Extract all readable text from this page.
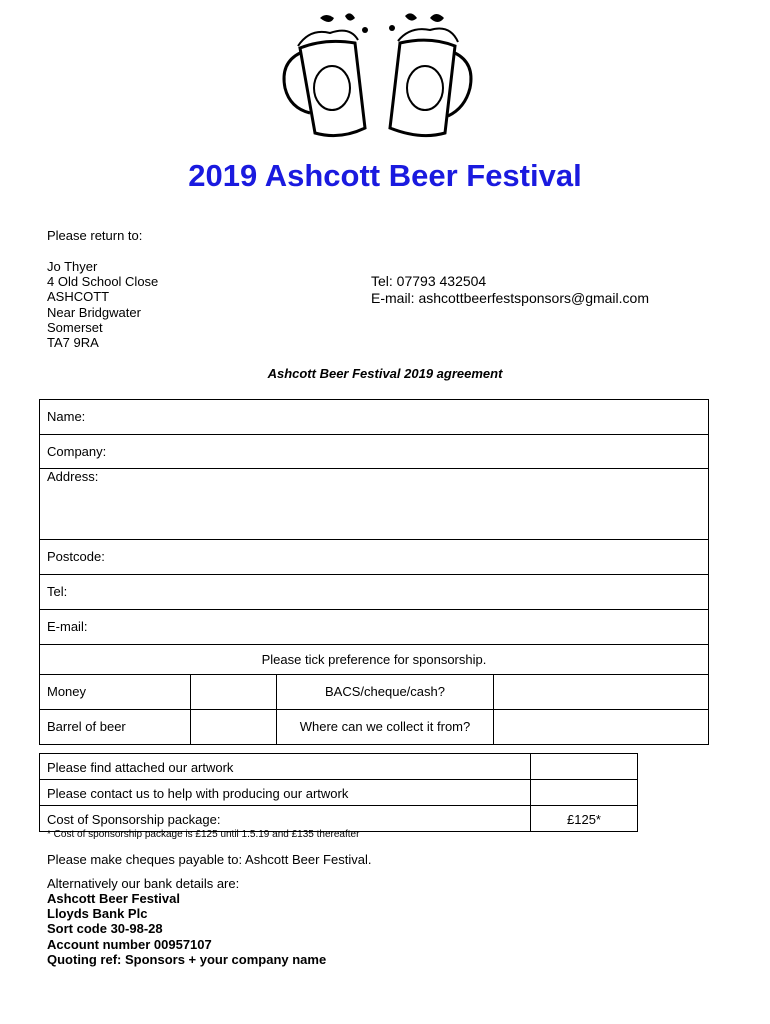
2019 Ashcott Beer Festival
Please return to:
Jo Thyer
4 Old School Close
ASHCOTT
Near Bridgwater
Somerset
TA7 9RA
Tel: 07793 432504
E-mail: ashcottbeerfestsponsors@gmail.com
Ashcott Beer Festival 2019 agreement
Name:
Company:
Address:
Postcode:
Tel:
E-mail:
Please tick preference for sponsorship.
Money	BACS/cheque/cash?
Barrel of beer	Where can we collect it from?
Please find attached our artwork
Please contact us to help with producing our artwork
Cost of Sponsorship package:	£125*
* Cost of sponsorship package is £125 until 1.5.19 and £135 thereafter
Please make cheques payable to: Ashcott Beer Festival.
Alternatively our bank details are:
Ashcott Beer Festival
Lloyds Bank Plc
Sort code 30-98-28
Account number 00957107
Quoting ref: Sponsors + your company name
